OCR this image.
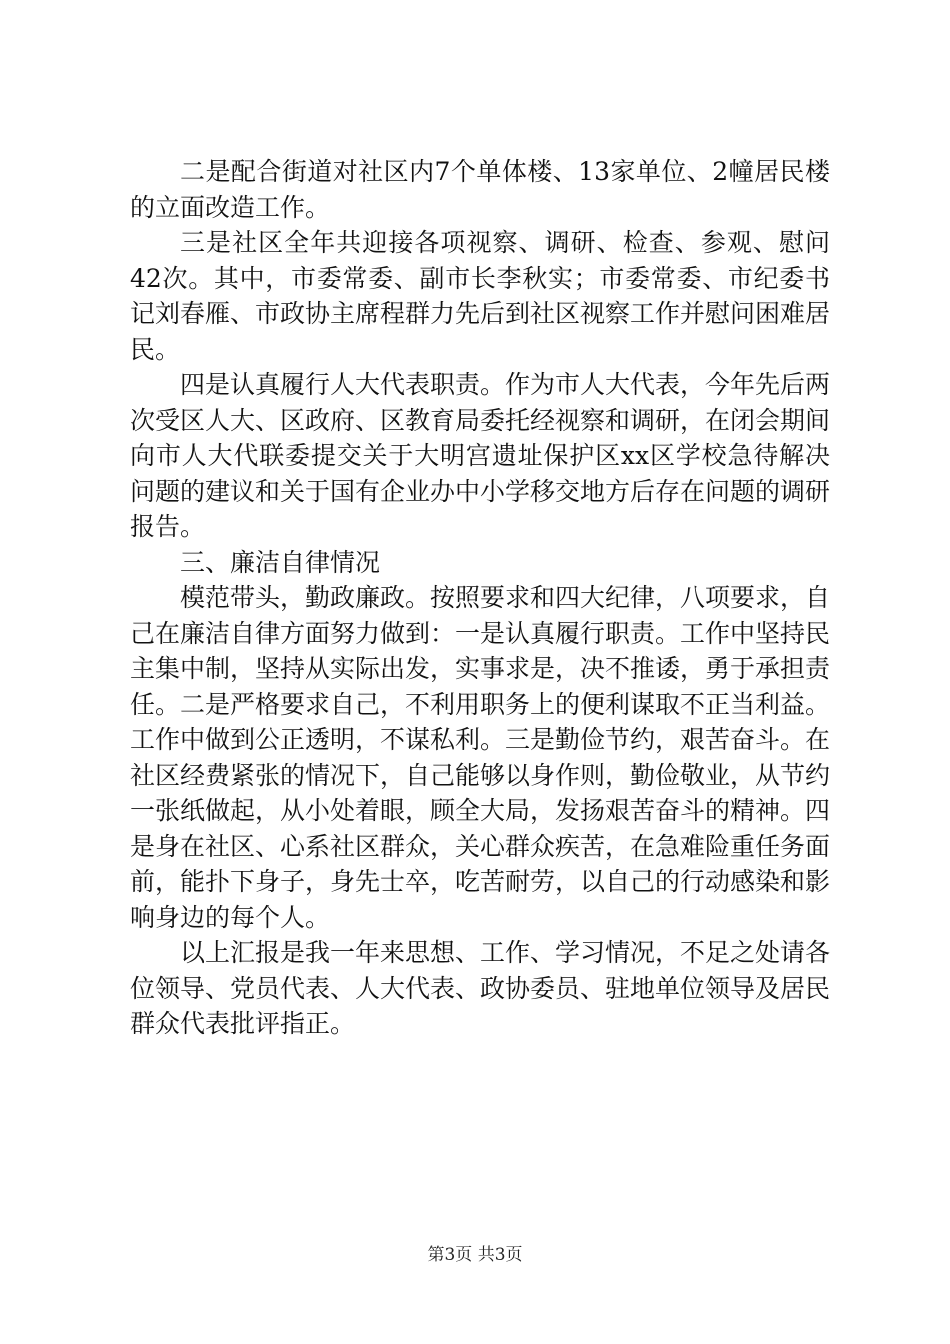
二是配合街道对社区内7个单体楼、13家单位、2幢居民楼的立面改造工作。

三是社区全年共迎接各项视察、调研、检查、参观、慰问42次。其中，市委常委、副市长李秋实；市委常委、市纪委书记刘春雁、市政协主席程群力先后到社区视察工作并慰问困难居民。

四是认真履行人大代表职责。作为市人大代表，今年先后两次受区人大、区政府、区教育局委托经视察和调研，在闭会期间向市人大代联委提交关于大明宫遗址保护区xx区学校急待解决问题的建议和关于国有企业办中小学移交地方后存在问题的调研报告。

三、廉洁自律情况

模范带头，勤政廉政。按照要求和四大纪律，八项要求，自己在廉洁自律方面努力做到：一是认真履行职责。工作中坚持民主集中制，坚持从实际出发，实事求是，决不推诿，勇于承担责任。二是严格要求自己，不利用职务上的便利谋取不正当利益。工作中做到公正透明，不谋私利。三是勤俭节约，艰苦奋斗。在社区经费紧张的情况下，自己能够以身作则，勤俭敬业，从节约一张纸做起，从小处着眼，顾全大局，发扬艰苦奋斗的精神。四是身在社区、心系社区群众，关心群众疾苦，在急难险重任务面前，能扑下身子，身先士卒，吃苦耐劳，以自己的行动感染和影响身边的每个人。

以上汇报是我一年来思想、工作、学习情况，不足之处请各位领导、党员代表、人大代表、政协委员、驻地单位领导及居民群众代表批评指正。

第3页 共3页
